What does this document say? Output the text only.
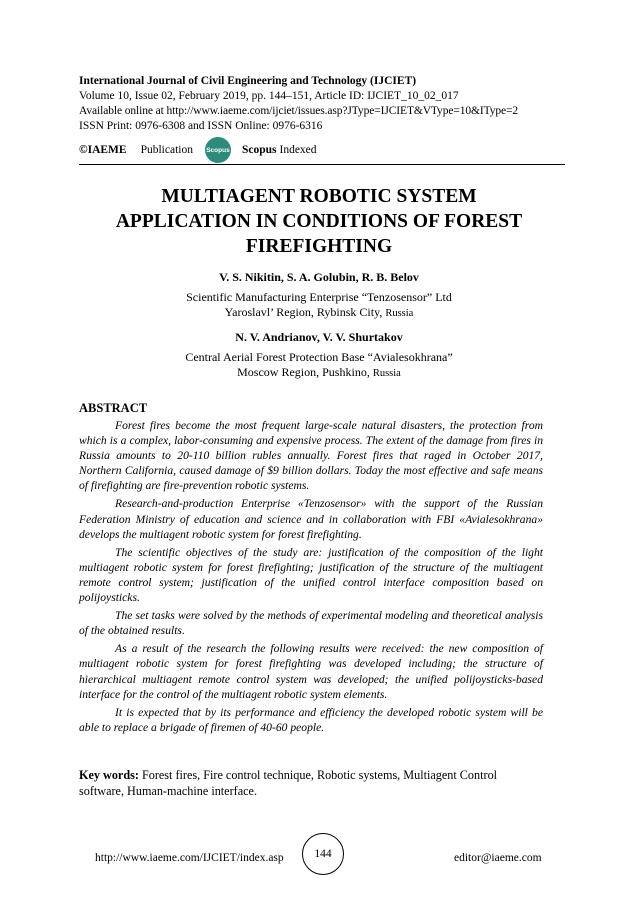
International Journal of Civil Engineering and Technology (IJCIET)
Volume 10, Issue 02, February 2019, pp. 144–151, Article ID: IJCIET_10_02_017
Available online at http://www.iaeme.com/ijciet/issues.asp?JType=IJCIET&VType=10&IType=2
ISSN Print: 0976-6308 and ISSN Online: 0976-6316
©IAEME Publication Scopus Scopus Indexed
MULTIAGENT ROBOTIC SYSTEM
APPLICATION IN CONDITIONS OF FOREST
FIREFIGHTING
V. S. Nikitin, S. A. Golubin, R. B. Belov
Scientific Manufacturing Enterprise “Tenzosensor” Ltd
Yaroslavl’ Region, Rybinsk City, Russia
N. V. Andrianov, V. V. Shurtakov
Central Aerial Forest Protection Base “Avialesokhrana”
Moscow Region, Pushkino, Russia
ABSTRACT

Forest fires become the most frequent large-scale natural disasters, the protection from which is a complex, labor-consuming and expensive process. The extent of the damage from fires in Russia amounts to 20-110 billion rubles annually. Forest fires that raged in October 2017, Northern California, caused damage of $9 billion dollars. Today the most effective and safe means of firefighting are fire-prevention robotic systems.

Research-and-production Enterprise «Tenzosensor» with the support of the Russian Federation Ministry of education and science and in collaboration with FBI «Avialesokhrana» develops the multiagent robotic system for forest firefighting.

The scientific objectives of the study are: justification of the composition of the light multiagent robotic system for forest firefighting; justification of the structure of the multiagent remote control system; justification of the unified control interface composition based on polijoysticks.

The set tasks were solved by the methods of experimental modeling and theoretical analysis of the obtained results.

As a result of the research the following results were received: the new composition of multiagent robotic system for forest firefighting was developed including; the structure of hierarchical multiagent remote control system was developed; the unified polijoysticks-based interface for the control of the multiagent robotic system elements.

It is expected that by its performance and efficiency the developed robotic system will be able to replace a brigade of firemen of 40-60 people.

Key words: Forest fires, Fire control technique, Robotic systems, Multiagent Control software, Human-machine interface.
http://www.iaeme.com/IJCIET/index.asp	144	editor@iaeme.com
